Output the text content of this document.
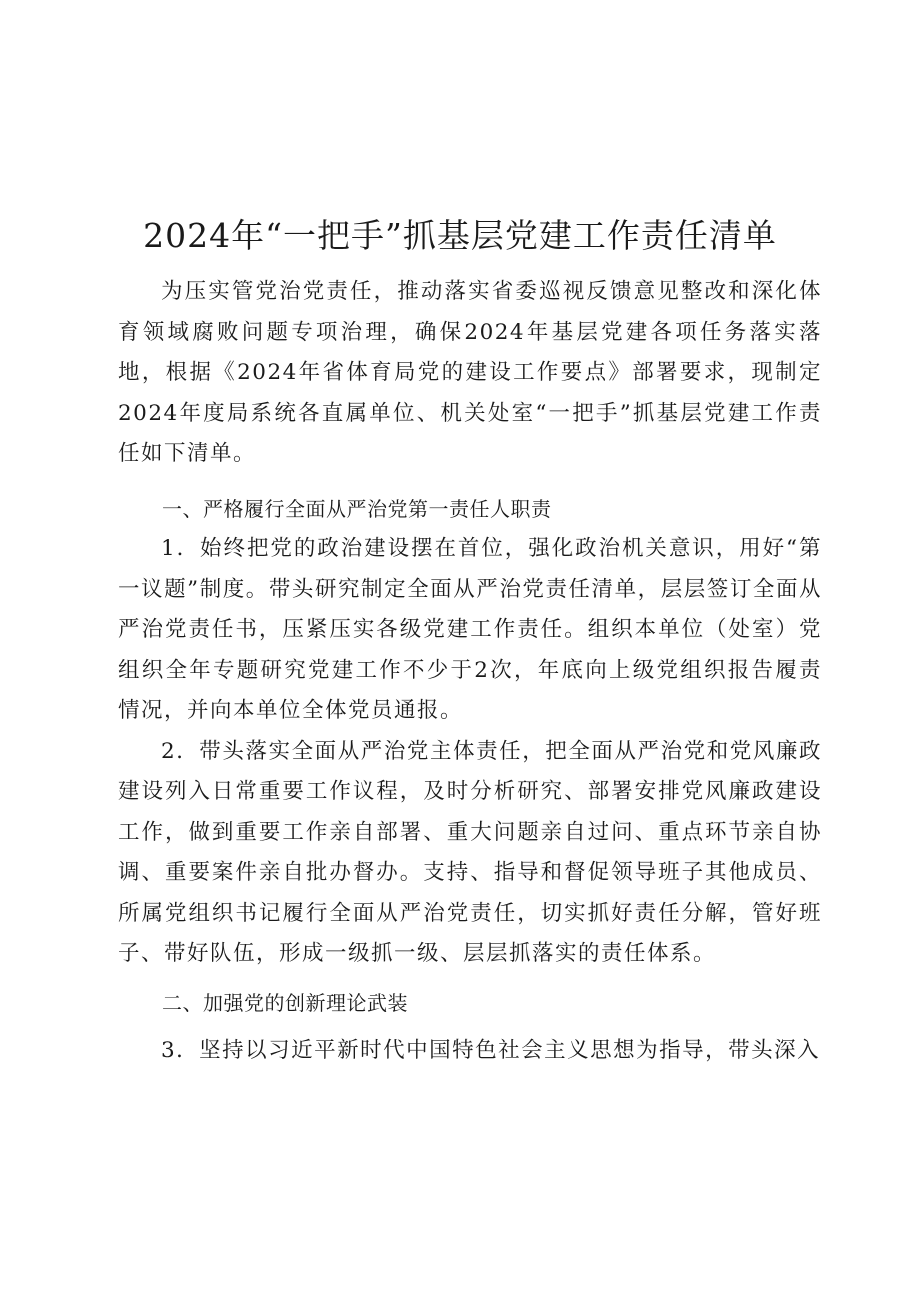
2024年“一把手”抓基层党建工作责任清单

为压实管党治党责任，推动落实省委巡视反馈意见整改和深化体育领域腐败问题专项治理，确保2024年基层党建各项任务落实落地，根据《2024年省体育局党的建设工作要点》部署要求，现制定2024年度局系统各直属单位、机关处室“一把手”抓基层党建工作责任如下清单。

一、严格履行全面从严治党第一责任人职责

1．始终把党的政治建设摆在首位，强化政治机关意识，用好“第一议题”制度。带头研究制定全面从严治党责任清单，层层签订全面从严治党责任书，压紧压实各级党建工作责任。组织本单位（处室）党组织全年专题研究党建工作不少于2次，年底向上级党组织报告履责情况，并向本单位全体党员通报。

2．带头落实全面从严治党主体责任，把全面从严治党和党风廉政建设列入日常重要工作议程，及时分析研究、部署安排党风廉政建设工作，做到重要工作亲自部署、重大问题亲自过问、重点环节亲自协调、重要案件亲自批办督办。支持、指导和督促领导班子其他成员、所属党组织书记履行全面从严治党责任，切实抓好责任分解，管好班子、带好队伍，形成一级抓一级、层层抓落实的责任体系。

二、加强党的创新理论武装

3．坚持以习近平新时代中国特色社会主义思想为指导，带头深入
